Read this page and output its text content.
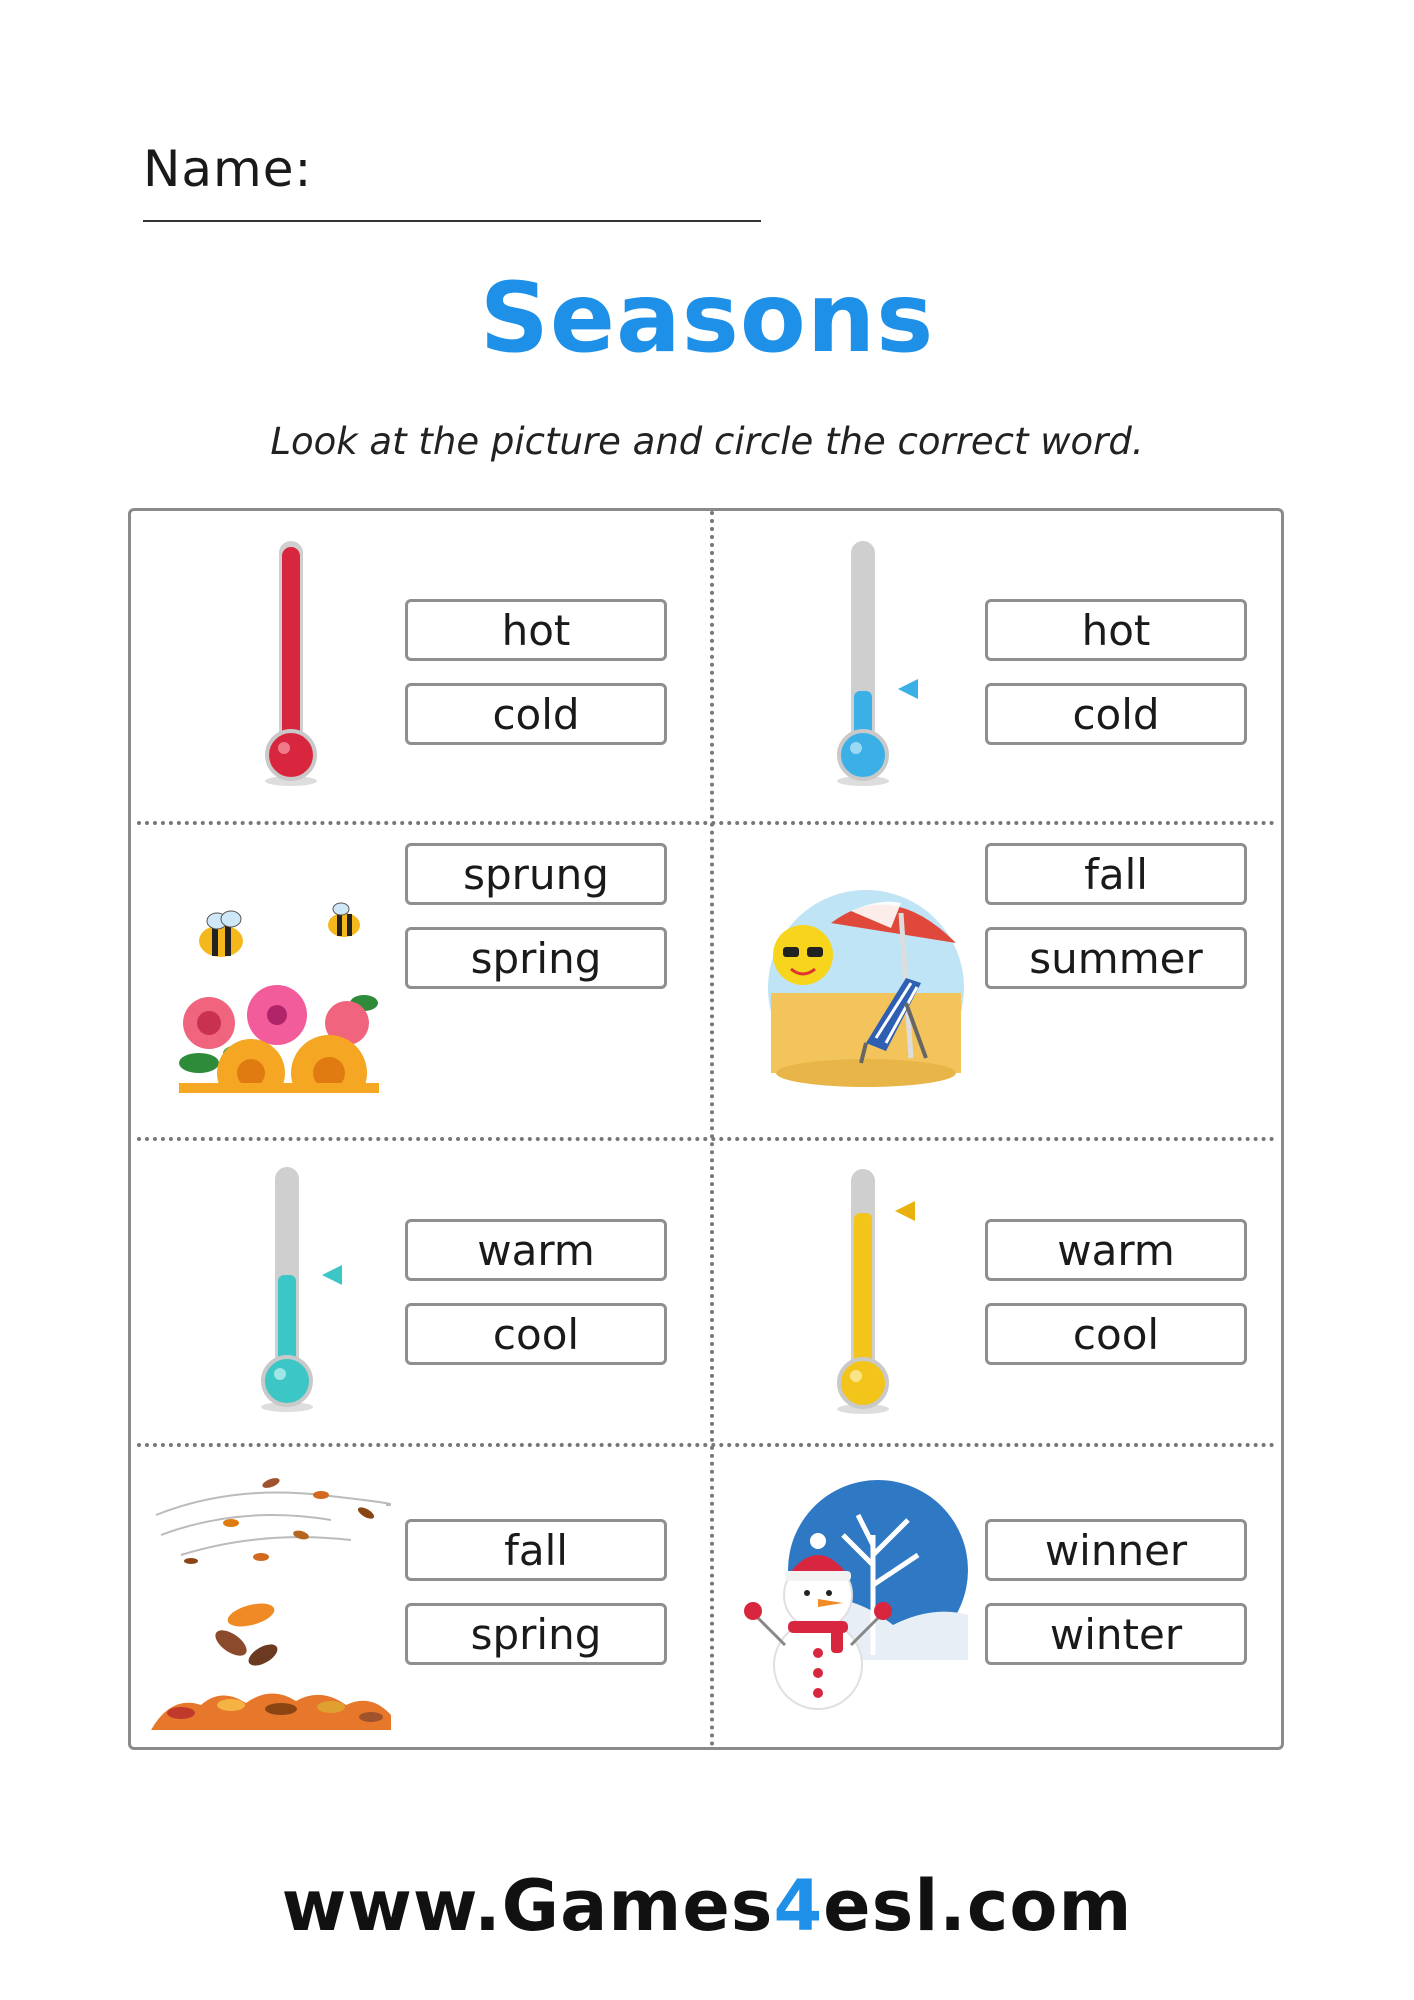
Name:
Seasons
Look at the picture and circle the correct word.
hot
cold
hot
cold
sprung
spring
fall
summer
warm
cool
warm
cool
fall
spring
winner
winter
www.Games4esl.com
